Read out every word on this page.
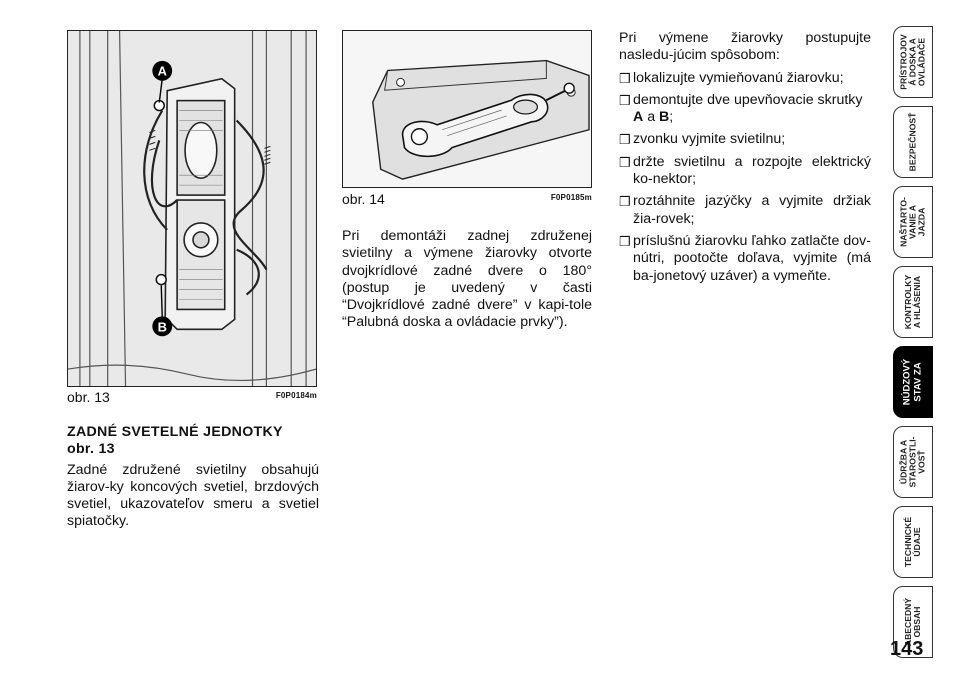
A
B
obr. 13	F0P0184m
obr. 14	F0P0185m
ZADNÉ SVETELNÉ JEDNOTKY
obr. 13
Zadné združené svietilny obsahujú žiarov-ky koncových svetiel, brzdových svetiel, ukazovateľov smeru a svetiel spiatočky.
Pri demontáži zadnej združenej svietilny a výmene žiarovky otvorte dvojkrídlové zadné dvere o 180° (postup je uvedený v časti “Dvojkrídlové zadné dvere” v kapi-tole “Palubná doska a ovládacie prvky”).
Pri výmene žiarovky postupujte nasledu-júcim spôsobom:
❒ lokalizujte vymieňovanú žiarovku;
❒ demontujte dve upevňovacie skrutky A a B;
❒ zvonku vyjmite svietilnu;
❒ držte svietilnu a rozpojte elektrický ko-nektor;
❒ roztáhnite jazýčky a vyjmite držiak žia-rovek;
❒ príslušnú žiarovku ľahko zatlačte dov-nútri, pootočte doľava, vyjmite (má ba-jonetový uzáver) a vymeňte.
PRÍSTROJOV
Á DOSKA A
OVLÁDAČE
BEZPEČNOSŤ
NAŠTARTO-
VANIE A
JAZDA
KONTROLKY
A HLÁSENIA
NÚDZOVÝ
STAV ZA
ÚDRŽBA A
STAROSTLI-
VOSŤ
TECHNICKÉ
ÚDAJE
ABECEDNÝ
OBSAH
143
